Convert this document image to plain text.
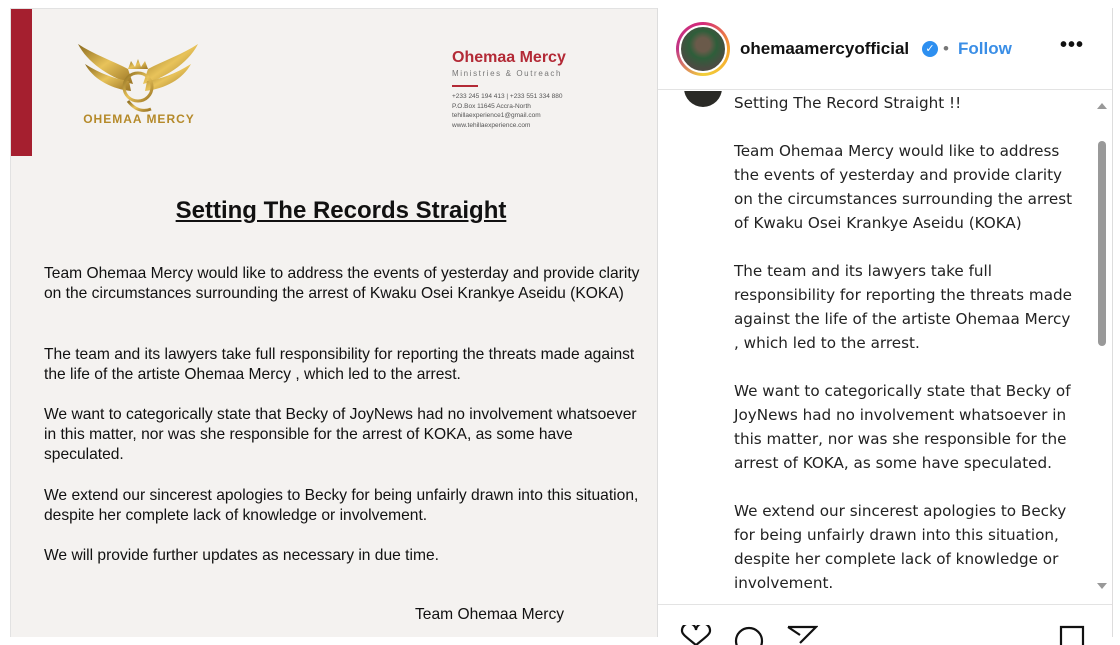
OHEMAA MERCY
Ohemaa Mercy
Ministries & Outreach
+233 245 194 413 | +233 551 334 880
P.O.Box 11645 Accra-North
tehillaexperience1@gmail.com
www.tehillaexperience.com
Setting The Records Straight
Team Ohemaa Mercy would like to address the events of yesterday and provide clarity on the circumstances surrounding the arrest of Kwaku Osei Krankye Aseidu (KOKA)
The team and its lawyers take full responsibility for reporting the threats made against the life of the artiste Ohemaa Mercy , which led to the arrest.
We want to categorically state that Becky of JoyNews had no involvement whatsoever in this matter, nor was she responsible for the arrest of KOKA, as some have speculated.
We extend our sincerest apologies to Becky for being unfairly drawn into this situation, despite her complete lack of knowledge or involvement.
We will provide further updates as necessary in due time.
Team Ohemaa Mercy
ohemaamercyofficial	✓ • Follow •••

Setting The Record Straight !!

Team Ohemaa Mercy would like to address the events of yesterday and provide clarity on the circumstances surrounding the arrest of Kwaku Osei Krankye Aseidu (KOKA)

The team and its lawyers take full responsibility for reporting the threats made against the life of the artiste Ohemaa Mercy , which led to the arrest.

We want to categorically state that Becky of JoyNews had no involvement whatsoever in this matter, nor was she responsible for the arrest of KOKA, as some have speculated.

We extend our sincerest apologies to Becky for being unfairly drawn into this situation, despite her complete lack of knowledge or involvement.
